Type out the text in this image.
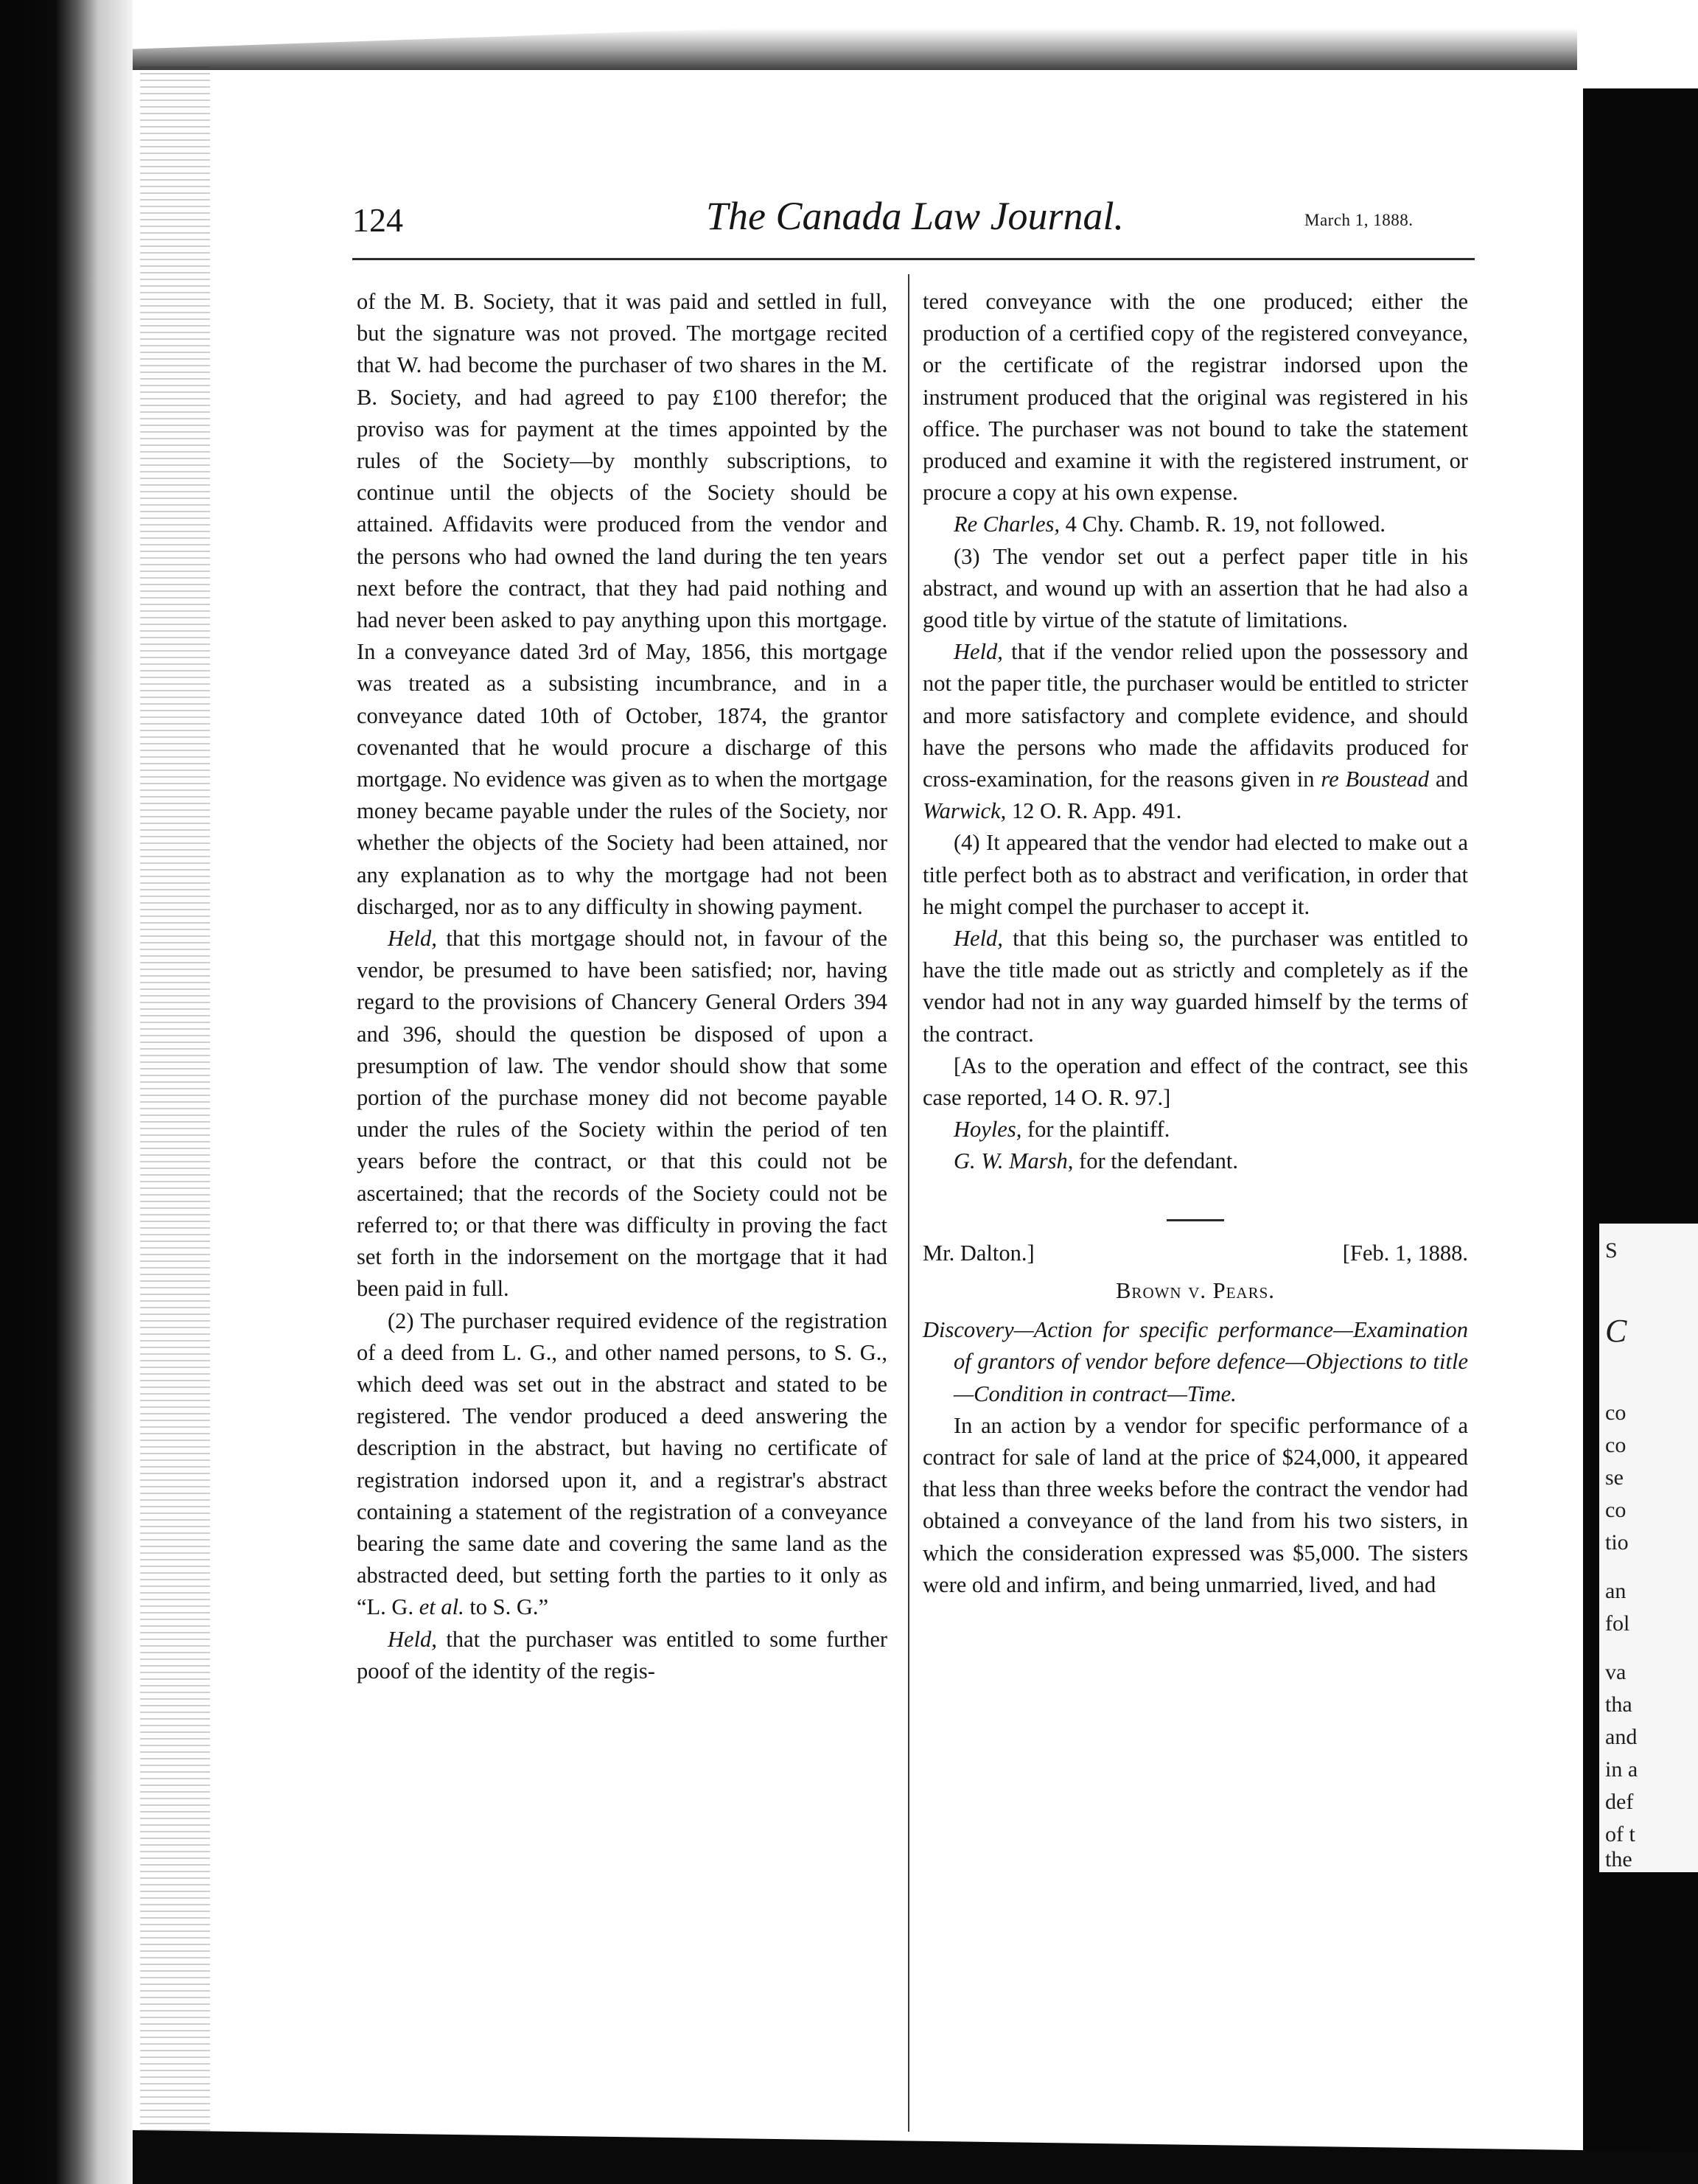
S
C
co
co
se
co
tio
an
fol
va
tha
and
in a
def
of t
the
124	The Canada Law Journal.	March 1, 1888.

of the M. B. Society, that it was paid and settled in full, but the signature was not proved. The mortgage recited that W. had become the purchaser of two shares in the M. B. Society, and had agreed to pay £100 therefor; the proviso was for payment at the times appointed by the rules of the Society—by monthly subscriptions, to continue until the objects of the Society should be attained. Affidavits were produced from the vendor and the persons who had owned the land during the ten years next before the contract, that they had paid nothing and had never been asked to pay anything upon this mortgage. In a conveyance dated 3rd of May, 1856, this mortgage was treated as a subsisting incumbrance, and in a conveyance dated 10th of October, 1874, the grantor covenanted that he would procure a discharge of this mortgage. No evidence was given as to when the mortgage money became payable under the rules of the Society, nor whether the objects of the Society had been attained, nor any explanation as to why the mortgage had not been discharged, nor as to any difficulty in showing payment.

Held, that this mortgage should not, in favour of the vendor, be presumed to have been satisfied; nor, having regard to the provisions of Chancery General Orders 394 and 396, should the question be disposed of upon a presumption of law. The vendor should show that some portion of the purchase money did not become payable under the rules of the Society within the period of ten years before the contract, or that this could not be ascertained; that the records of the Society could not be referred to; or that there was difficulty in proving the fact set forth in the indorsement on the mortgage that it had been paid in full.

(2) The purchaser required evidence of the registration of a deed from L. G., and other named persons, to S. G., which deed was set out in the abstract and stated to be registered. The vendor produced a deed answering the description in the abstract, but having no certificate of registration indorsed upon it, and a registrar's abstract containing a statement of the registration of a conveyance bearing the same date and covering the same land as the abstracted deed, but setting forth the parties to it only as “L. G. et al. to S. G.”

Held, that the purchaser was entitled to some further pooof of the identity of the regis-

tered conveyance with the one produced; either the production of a certified copy of the registered conveyance, or the certificate of the registrar indorsed upon the instrument produced that the original was registered in his office. The purchaser was not bound to take the statement produced and examine it with the registered instrument, or procure a copy at his own expense.

Re Charles, 4 Chy. Chamb. R. 19, not followed.

(3) The vendor set out a perfect paper title in his abstract, and wound up with an assertion that he had also a good title by virtue of the statute of limitations.

Held, that if the vendor relied upon the possessory and not the paper title, the purchaser would be entitled to stricter and more satisfactory and complete evidence, and should have the persons who made the affidavits produced for cross-examination, for the reasons given in re Boustead and Warwick, 12 O. R. App. 491.

(4) It appeared that the vendor had elected to make out a title perfect both as to abstract and verification, in order that he might compel the purchaser to accept it.

Held, that this being so, the purchaser was entitled to have the title made out as strictly and completely as if the vendor had not in any way guarded himself by the terms of the contract.

[As to the operation and effect of the contract, see this case reported, 14 O. R. 97.]

Hoyles, for the plaintiff.

G. W. Marsh, for the defendant.

Mr. Dalton.]	[Feb. 1, 1888.
Brown v. Pears.

Discovery—Action for specific performance—Examination of grantors of vendor before defence—Objections to title—Condition in contract—Time.

In an action by a vendor for specific performance of a contract for sale of land at the price of $24,000, it appeared that less than three weeks before the contract the vendor had obtained a conveyance of the land from his two sisters, in which the consideration expressed was $5,000. The sisters were old and infirm, and being unmarried, lived, and had
